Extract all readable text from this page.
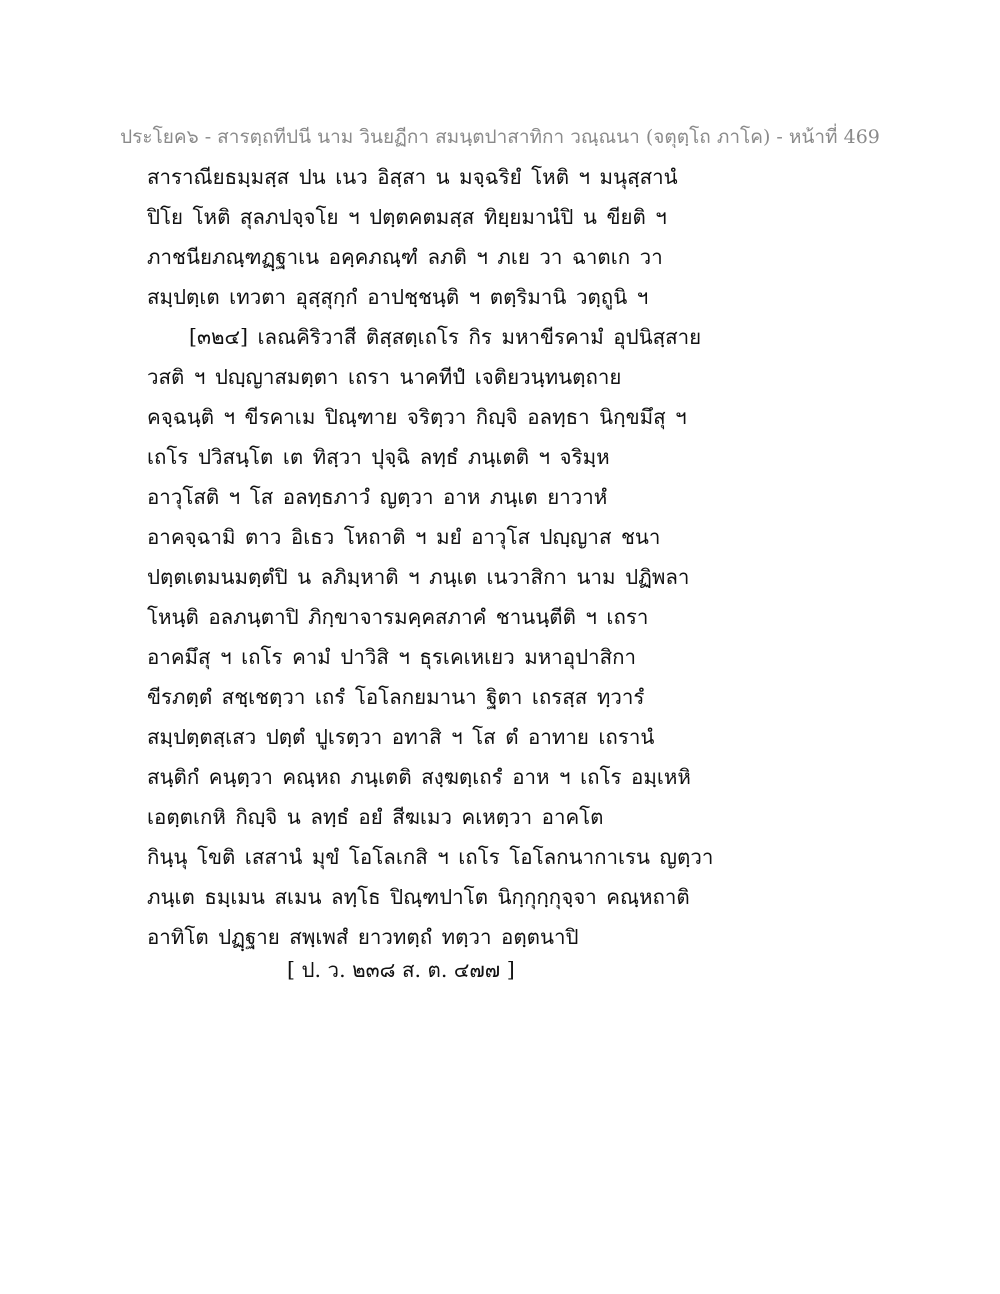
ประโยค๖ - สารตฺถทีปนี นาม วินยฏีกา สมนฺตปาสาทิกา วณฺณนา (จตุตฺโถ ภาโค) - หน้าที่ 469
สาราณียธมฺมสฺส ปน เนว อิสฺสา น มจฺฉริยํ โหติ ฯ มนุสฺสานํ
ปิโย โหติ สุลภปจฺจโย ฯ ปตฺตคตมสฺส ทิยฺยมานํปิ น ขียติ ฯ
ภาชนียภณฺฑฏฺฐาเน อคฺคภณฺฑํ ลภติ ฯ ภเย วา ฉาตเก วา
สมฺปตฺเต เทวตา อุสฺสุกฺกํ อาปชฺชนฺติ ฯ ตตฺริมานิ วตฺถูนิ ฯ
[๓๒๔] เลณคิริวาสี ติสฺสตฺเถโร กิร มหาขีรคามํ อุปนิสฺสาย
วสติ ฯ ปญฺญาสมตฺตา เถรา นาคทีปํ เจติยวนฺทนตฺถาย
คจฺฉนฺติ ฯ ขีรคาเม ปิณฺฑาย จริตฺวา กิญฺจิ อลทฺธา นิกฺขมึสุ ฯ
เถโร ปวิสนฺโต เต ทิสฺวา ปุจฺฉิ ลทฺธํ ภนฺเตติ ฯ จริมฺห
อาวุโสติ ฯ โส อลทฺธภาวํ ญตฺวา อาห ภนฺเต ยาวาหํ
อาคจฺฉามิ ตาว อิเธว โหถาติ ฯ มยํ อาวุโส ปญฺญาส ชนา
ปตฺตเตมนมตฺตํปิ น ลภิมฺหาติ ฯ ภนฺเต เนวาสิกา นาม ปฏิพลา
โหนฺติ อลภนฺตาปิ ภิกฺขาจารมคฺคสภาคํ ชานนฺตีติ ฯ เถรา
อาคมึสุ ฯ เถโร คามํ ปาวิสิ ฯ ธุรเคเหเยว มหาอุปาสิกา
ขีรภตฺตํ สชฺเชตฺวา เถรํ โอโลกยมานา ฐิตา เถรสฺส ทฺวารํ
สมฺปตฺตสฺเสว ปตฺตํ ปูเรตฺวา อทาสิ ฯ โส ตํ อาทาย เถรานํ
สนฺติกํ คนฺตฺวา คณฺหถ ภนฺเตติ สงฺฆตฺเถรํ อาห ฯ เถโร อมฺเหหิ
เอตฺตเกหิ กิญฺจิ น ลทฺธํ อยํ สีฆเมว คเหตฺวา อาคโต
กินฺนุ โขติ เสสานํ มุขํ โอโลเกสิ ฯ เถโร โอโลกนากาเรน ญตฺวา
ภนฺเต ธมฺเมน สเมน ลทฺโธ ปิณฺฑปาโต นิกฺกุกฺกุจฺจา คณฺหถาติ
อาทิโต ปฏฺฐาย สพฺเพสํ ยาวทตฺถํ ทตฺวา อตฺตนาปิ
[ ป. ว. ๒๓๘ ส. ต. ๔๗๗ ]
